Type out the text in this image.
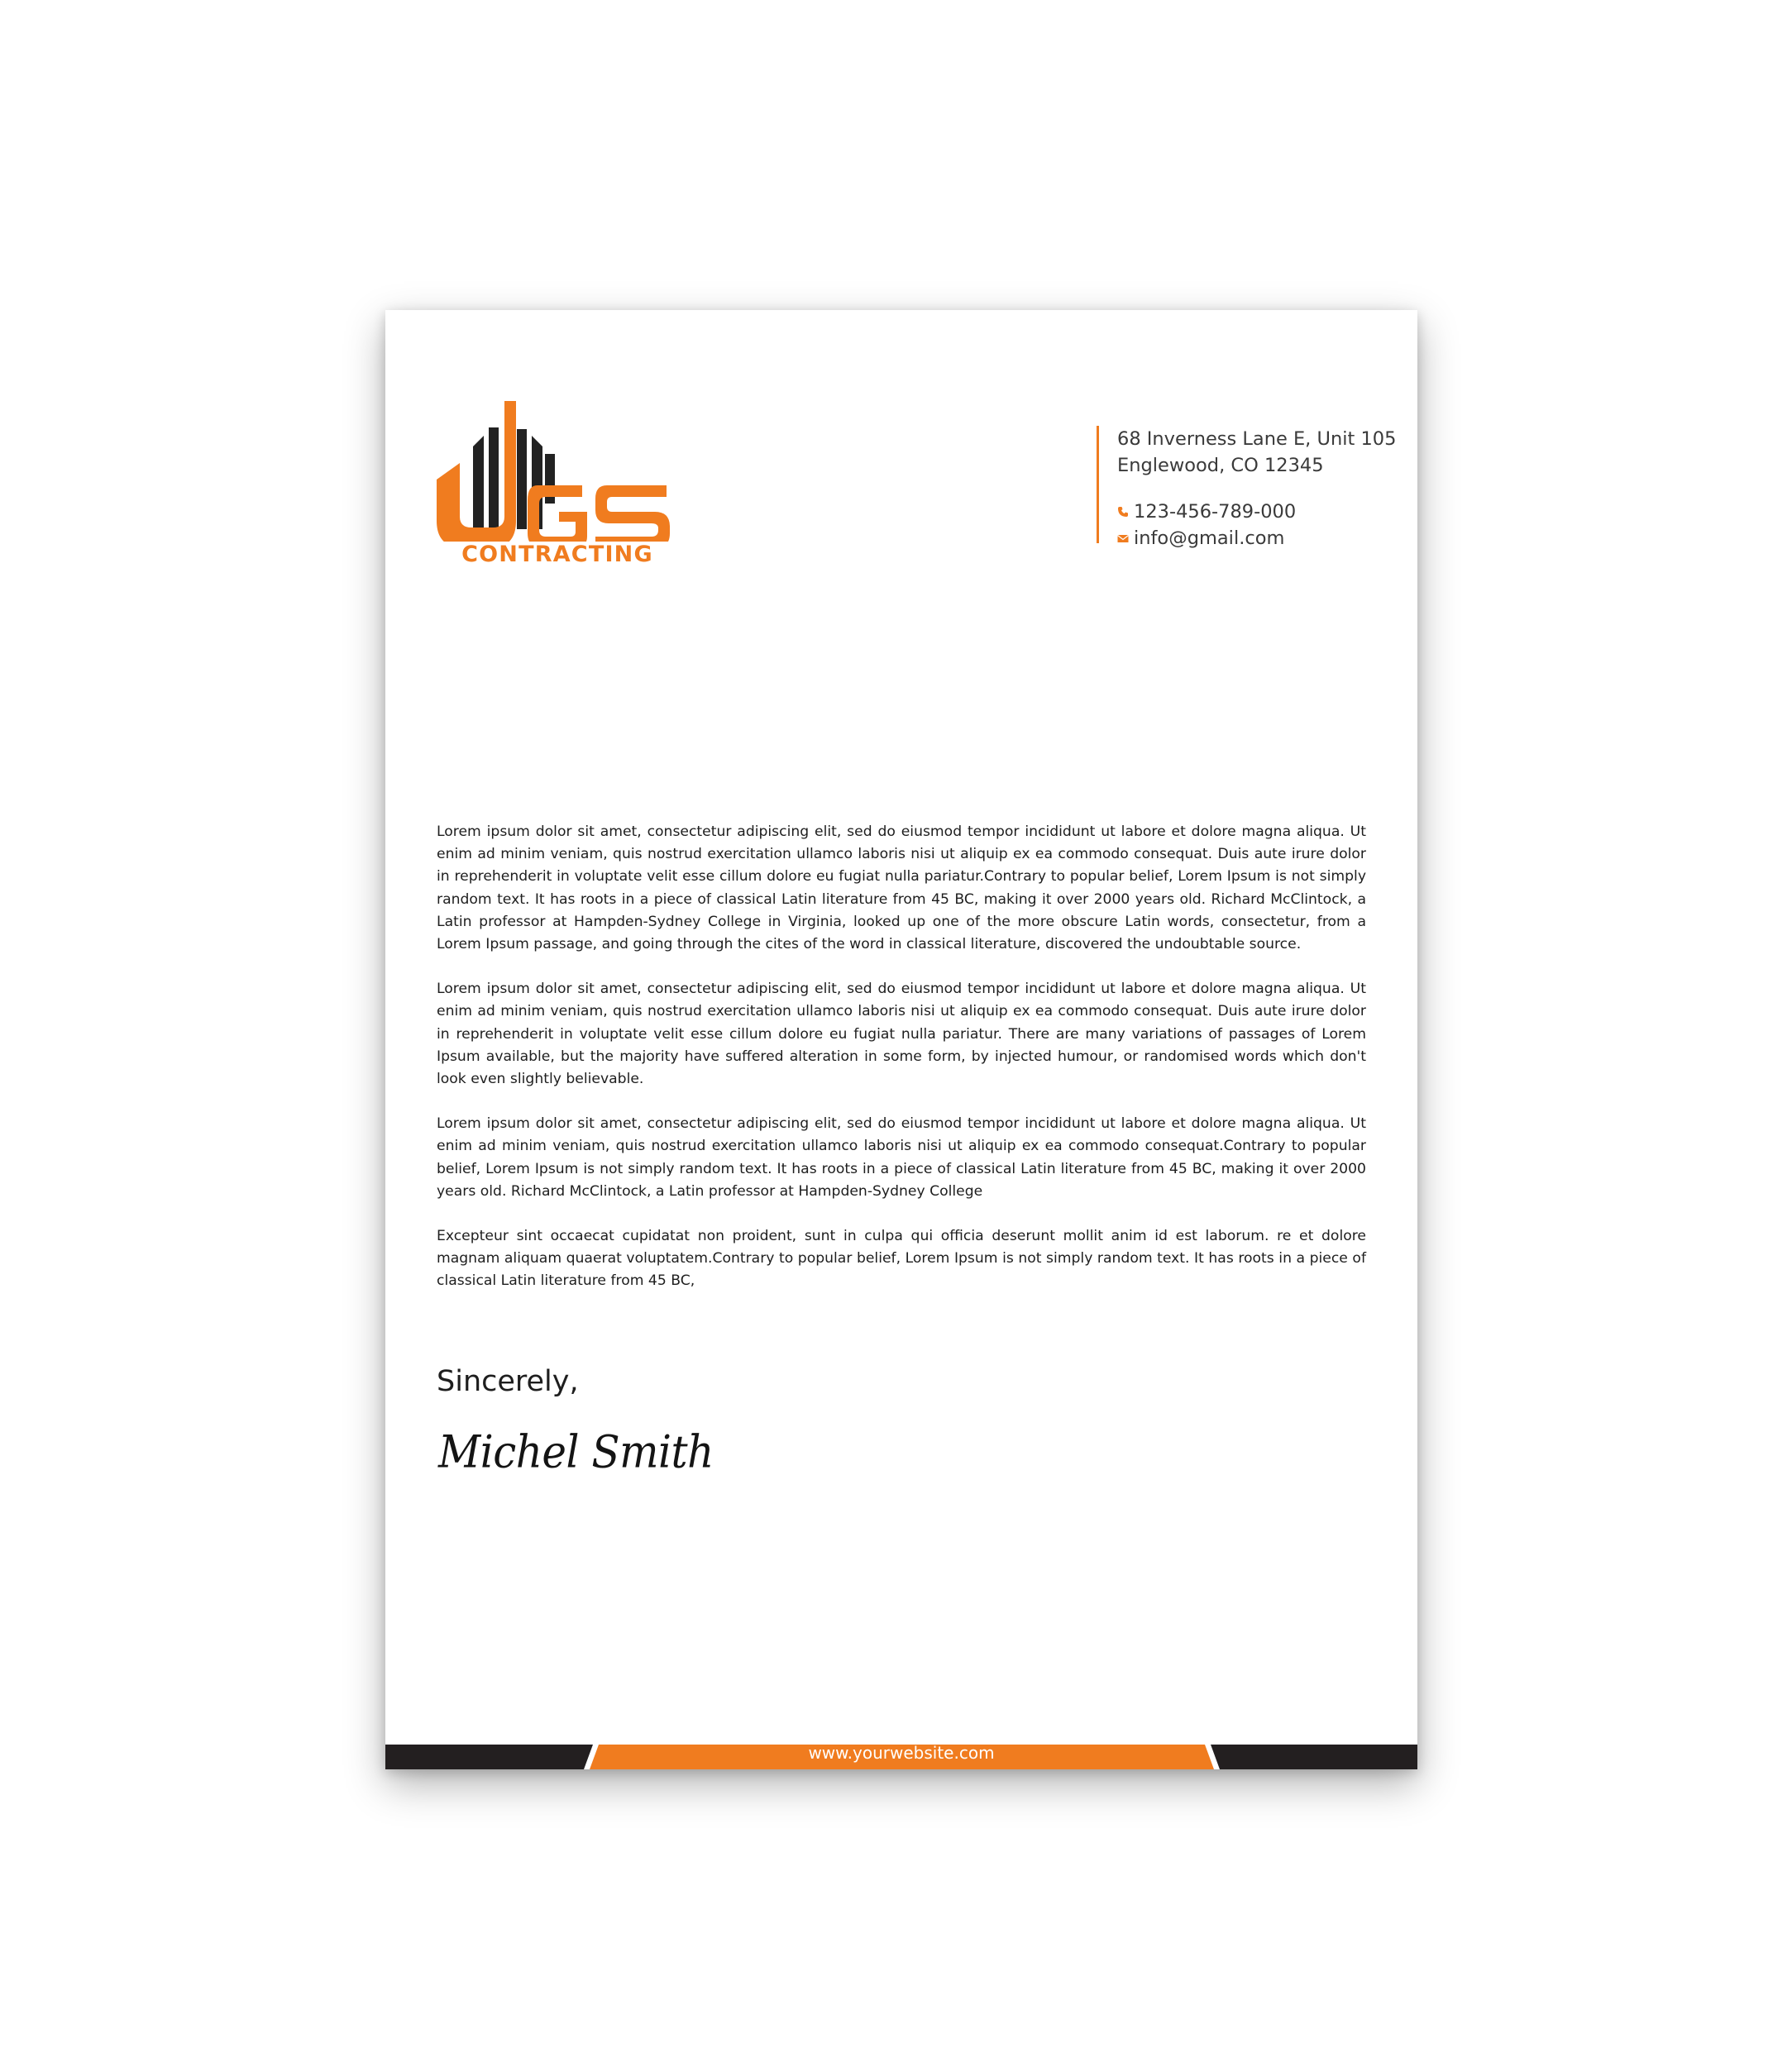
CONTRACTING
68 Inverness Lane E, Unit 105
Englewood, CO 12345
123-456-789-000
info@gmail.com

Lorem ipsum dolor sit amet, consectetur adipiscing elit, sed do eiusmod tempor incididunt ut labore et dolore magna aliqua. Ut enim ad minim veniam, quis nostrud exercitation ullamco laboris nisi ut aliquip ex ea commodo consequat. Duis aute irure dolor in reprehenderit in voluptate velit esse cillum dolore eu fugiat nulla pariatur.Contrary to popular belief, Lorem Ipsum is not simply random text. It has roots in a piece of classical Latin literature from 45 BC, making it over 2000 years old. Richard McClintock, a Latin professor at Hampden-Sydney College in Virginia, looked up one of the more obscure Latin words, consectetur, from a Lorem Ipsum passage, and going through the cites of the word in classical literature, discovered the undoubtable source.

Lorem ipsum dolor sit amet, consectetur adipiscing elit, sed do eiusmod tempor incididunt ut labore et dolore magna aliqua. Ut enim ad minim veniam, quis nostrud exercitation ullamco laboris nisi ut aliquip ex ea commodo consequat. Duis aute irure dolor in reprehenderit in voluptate velit esse cillum dolore eu fugiat nulla pariatur. There are many variations of passages of Lorem Ipsum available, but the majority have suffered alteration in some form, by injected humour, or randomised words which don't look even slightly believable.

Lorem ipsum dolor sit amet, consectetur adipiscing elit, sed do eiusmod tempor incididunt ut labore et dolore magna aliqua. Ut enim ad minim veniam, quis nostrud exercitation ullamco laboris nisi ut aliquip ex ea commodo consequat.Contrary to popular belief, Lorem Ipsum is not simply random text. It has roots in a piece of classical Latin literature from 45 BC, making it over 2000 years old. Richard McClintock, a Latin professor at Hampden-Sydney College

Excepteur sint occaecat cupidatat non proident, sunt in culpa qui officia deserunt mollit anim id est laborum. re et dolore magnam aliquam quaerat voluptatem.Contrary to popular belief, Lorem Ipsum is not simply random text. It has roots in a piece of classical Latin literature from 45 BC,

Sincerely,
Michel Smith
www.yourwebsite.com
